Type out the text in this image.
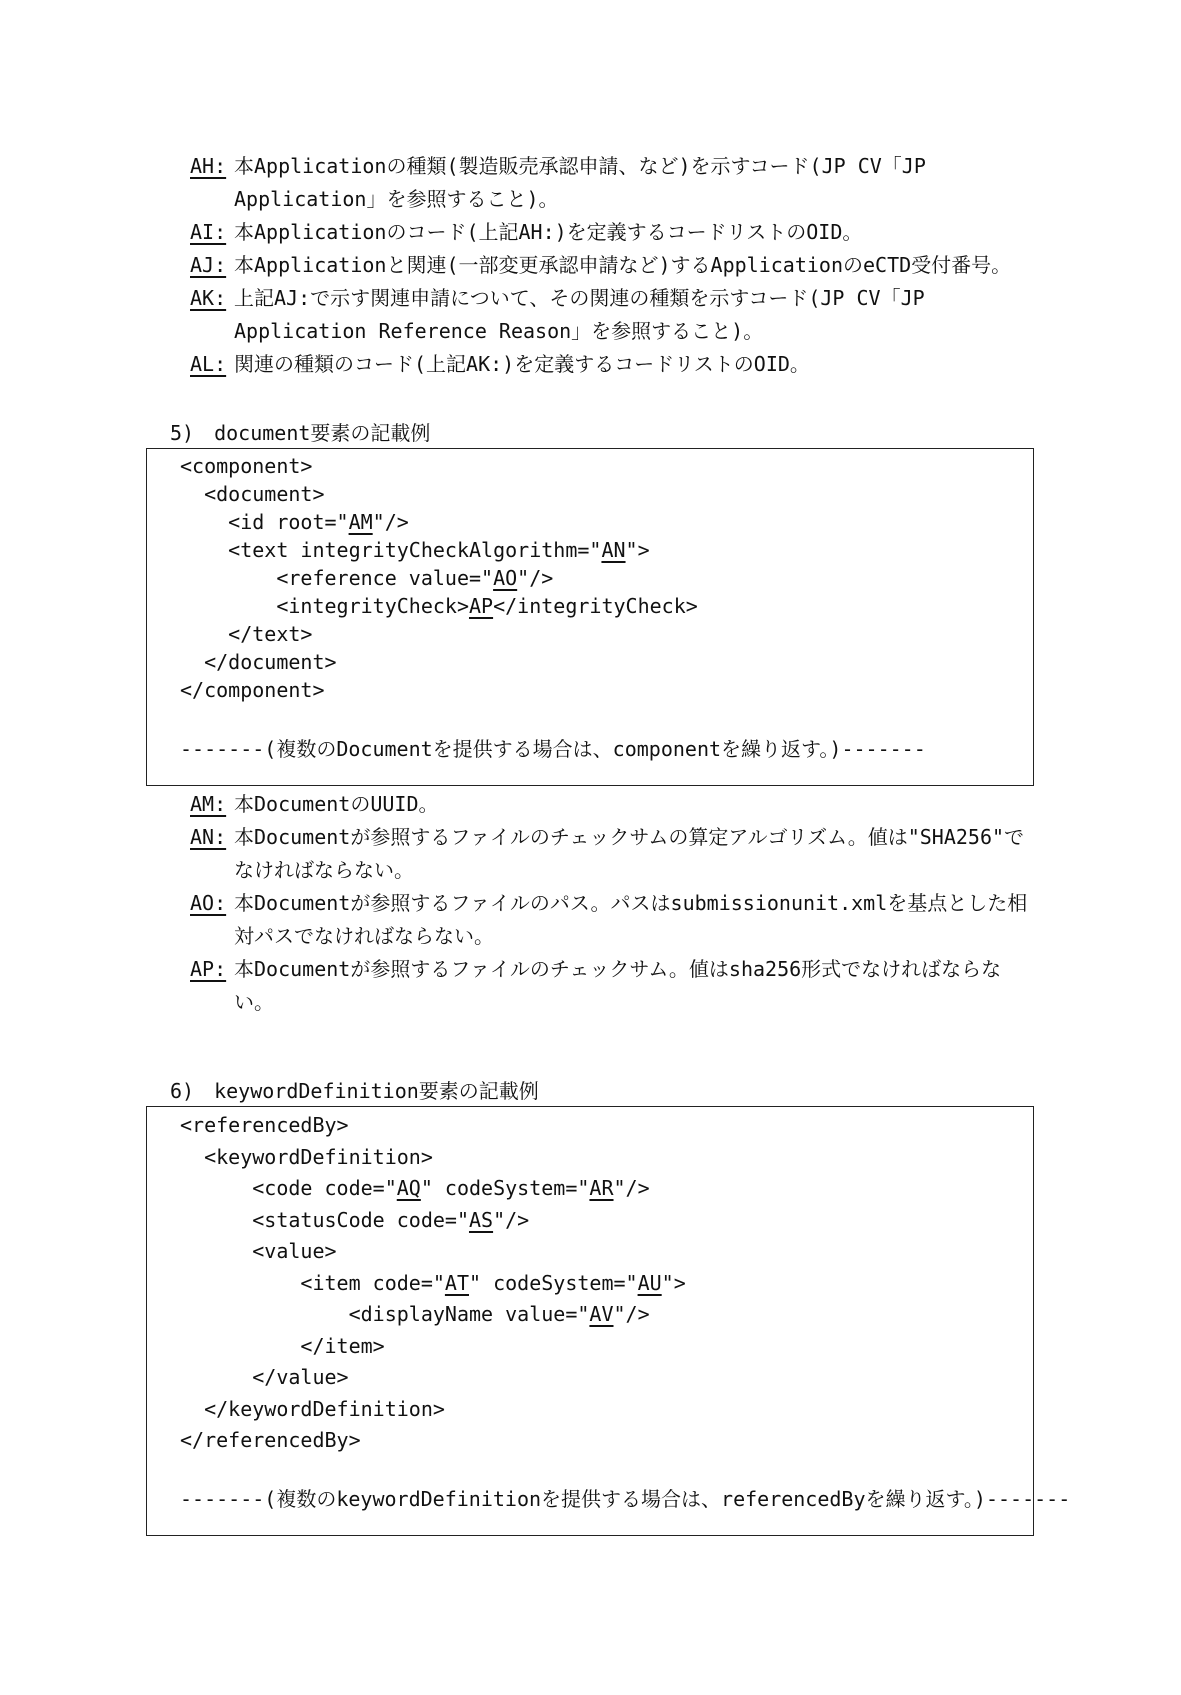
AH: 本Applicationの種類(製造販売承認申請、など)を示すコード(JP CV「JP Application」を参照すること)。
AI: 本Applicationのコード(上記AH:)を定義するコードリストのOID。
AJ: 本Applicationと関連(一部変更承認申請など)するApplicationのeCTD受付番号。
AK: 上記AJ:で示す関連申請について、その関連の種類を示すコード(JP CV「JP Application Reference Reason」を参照すること)。
AL: 関連の種類のコード(上記AK:)を定義するコードリストのOID。
5)　document要素の記載例
<component>
<document>
<id root="AM"/>
<text integrityCheckAlgorithm="AN">
<reference value="AO"/>
<integrityCheck>AP</integrityCheck>
</text>
</document>
</component>
-------(複数のDocumentを提供する場合は、componentを繰り返す。)-------
AM: 本DocumentのUUID。
AN: 本Documentが参照するファイルのチェックサムの算定アルゴリズム。値は"SHA256"でなければならない。
AO: 本Documentが参照するファイルのパス。パスはsubmissionunit.xmlを基点とした相対パスでなければならない。
AP: 本Documentが参照するファイルのチェックサム。値はsha256形式でなければならない。
6)　keywordDefinition要素の記載例
<referencedBy>
<keywordDefinition>
<code code="AQ" codeSystem="AR"/>
<statusCode code="AS"/>
<value>
<item code="AT" codeSystem="AU">
<displayName value="AV"/>
</item>
</value>
</keywordDefinition>
</referencedBy>
-------(複数のkeywordDefinitionを提供する場合は、referencedByを繰り返す。)-------
